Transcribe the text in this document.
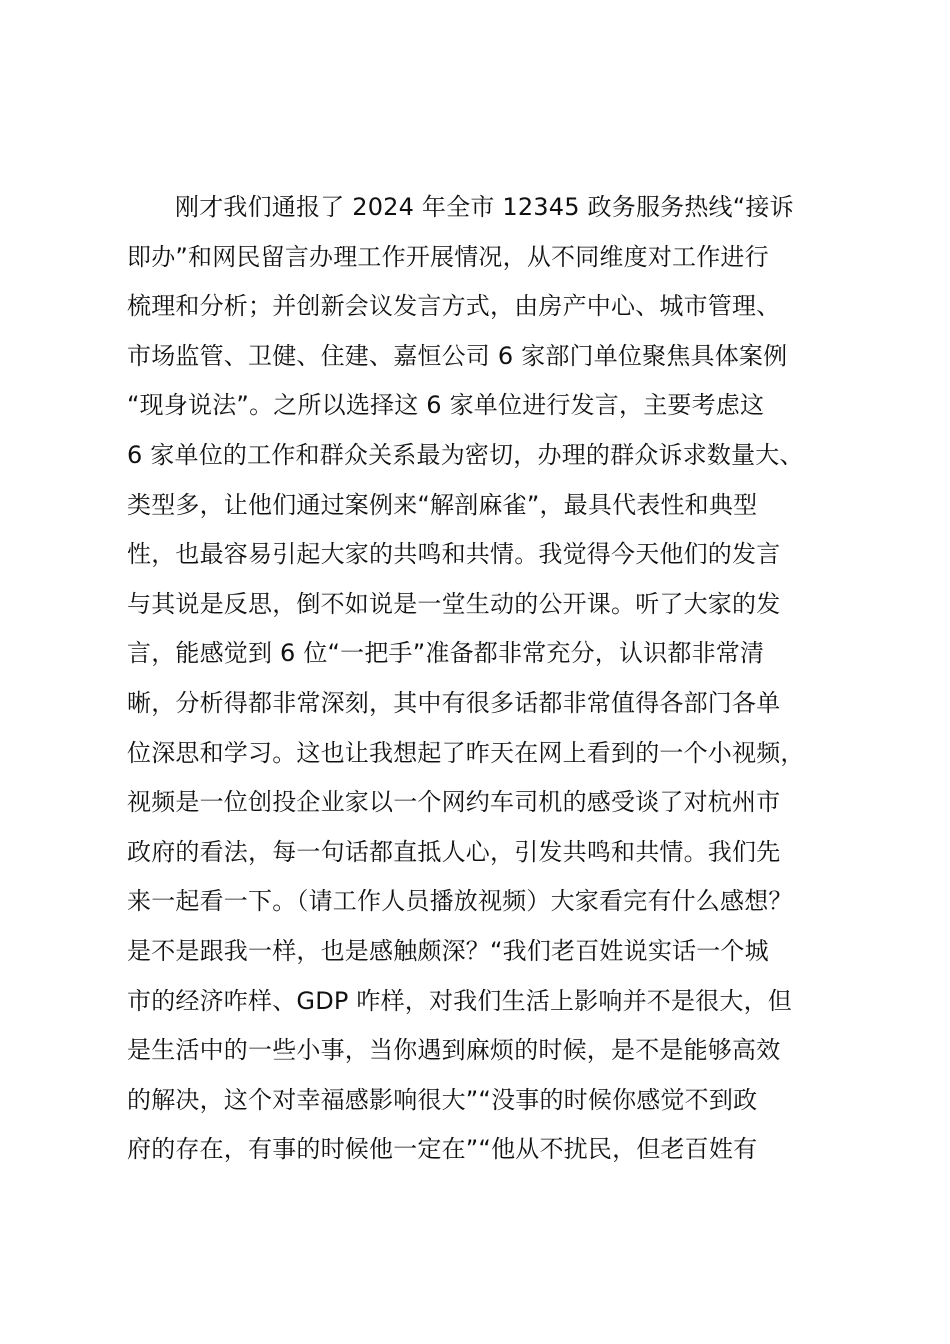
刚才我们通报了 2024 年全市 12345 政务服务热线“接诉
即办”和网民留言办理工作开展情况，从不同维度对工作进行
梳理和分析；并创新会议发言方式，由房产中心、城市管理、
市场监管、卫健、住建、嘉恒公司 6 家部门单位聚焦具体案例
“现身说法”。之所以选择这 6 家单位进行发言，主要考虑这
6 家单位的工作和群众关系最为密切，办理的群众诉求数量大、
类型多，让他们通过案例来“解剖麻雀”，最具代表性和典型
性，也最容易引起大家的共鸣和共情。我觉得今天他们的发言
与其说是反思，倒不如说是一堂生动的公开课。听了大家的发
言，能感觉到 6 位“一把手”准备都非常充分，认识都非常清
晰，分析得都非常深刻，其中有很多话都非常值得各部门各单
位深思和学习。这也让我想起了昨天在网上看到的一个小视频，
视频是一位创投企业家以一个网约车司机的感受谈了对杭州市
政府的看法，每一句话都直抵人心，引发共鸣和共情。我们先
来一起看一下。（请工作人员播放视频）大家看完有什么感想？
是不是跟我一样，也是感触颇深？“我们老百姓说实话一个城
市的经济咋样、GDP 咋样，对我们生活上影响并不是很大，但
是生活中的一些小事，当你遇到麻烦的时候，是不是能够高效
的解决，这个对幸福感影响很大”“没事的时候你感觉不到政
府的存在，有事的时候他一定在”“他从不扰民，但老百姓有
